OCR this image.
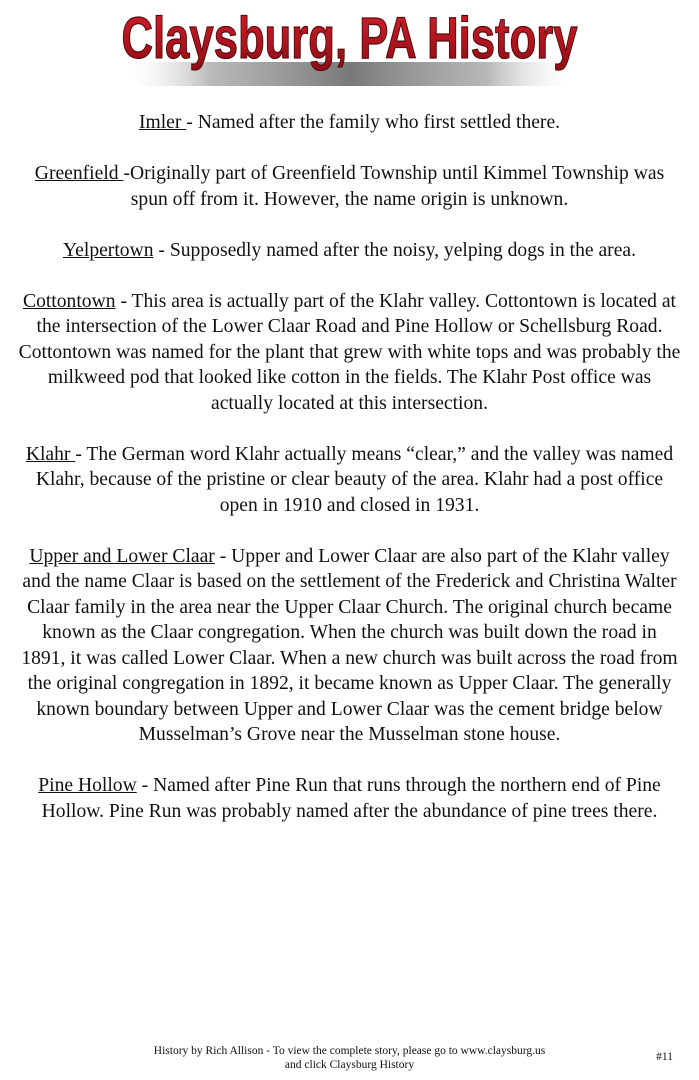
Claysburg, PA History

Imler - Named after the family who first settled there.

Greenfield -Originally part of Greenfield Township until Kimmel Township was spun off from it. However, the name origin is unknown.

Yelpertown - Supposedly named after the noisy, yelping dogs in the area.

Cottontown - This area is actually part of the Klahr valley. Cottontown is located at the intersection of the Lower Claar Road and Pine Hollow or Schellsburg Road. Cottontown was named for the plant that grew with white tops and was probably the milkweed pod that looked like cotton in the fields. The Klahr Post office was actually located at this intersection.

Klahr - The German word Klahr actually means “clear,” and the valley was named Klahr, because of the pristine or clear beauty of the area. Klahr had a post office open in 1910 and closed in 1931.

Upper and Lower Claar - Upper and Lower Claar are also part of the Klahr valley and the name Claar is based on the settlement of the Frederick and Christina Walter Claar family in the area near the Upper Claar Church. The original church became known as the Claar congregation. When the church was built down the road in 1891, it was called Lower Claar. When a new church was built across the road from the original congregation in 1892, it became known as Upper Claar. The generally known boundary between Upper and Lower Claar was the cement bridge below Musselman’s Grove near the Musselman stone house.

Pine Hollow - Named after Pine Run that runs through the northern end of Pine Hollow. Pine Run was probably named after the abundance of pine trees there.

History by Rich Allison - To view the complete story, please go to www.claysburg.us
and click Claysburg History
#11
